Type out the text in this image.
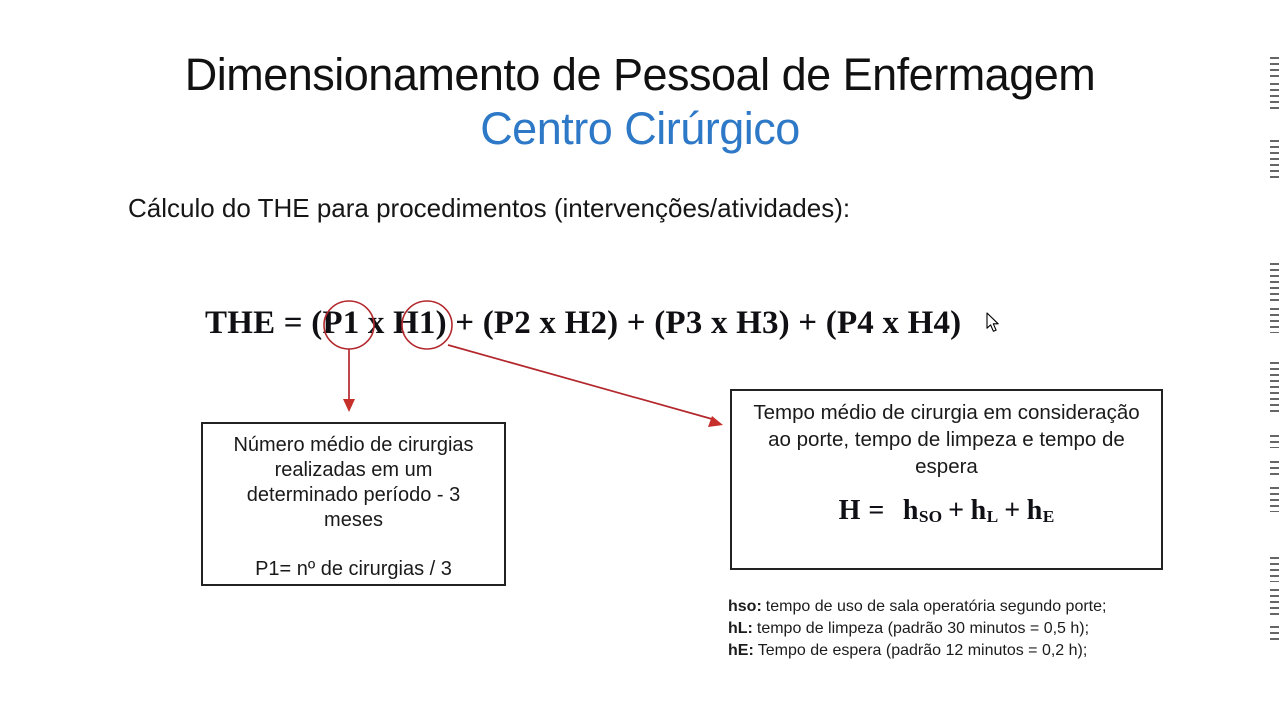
Dimensionamento de Pessoal de Enfermagem
Centro Cirúrgico
Cálculo do THE para procedimentos (intervenções/atividades):
THE = (P1 x H1) + (P2 x H2) + (P3 x H3) + (P4 x H4)
Número médio de cirurgias
realizadas em um
determinado período - 3
meses
P1= nº de cirurgias / 3
Tempo médio de cirurgia em consideração
ao porte, tempo de limpeza e tempo de
espera
H = hSO + hL + hE
hso: tempo de uso de sala operatória segundo porte;
hL: tempo de limpeza (padrão 30 minutos = 0,5 h);
hE: Tempo de espera (padrão 12 minutos = 0,2 h);
